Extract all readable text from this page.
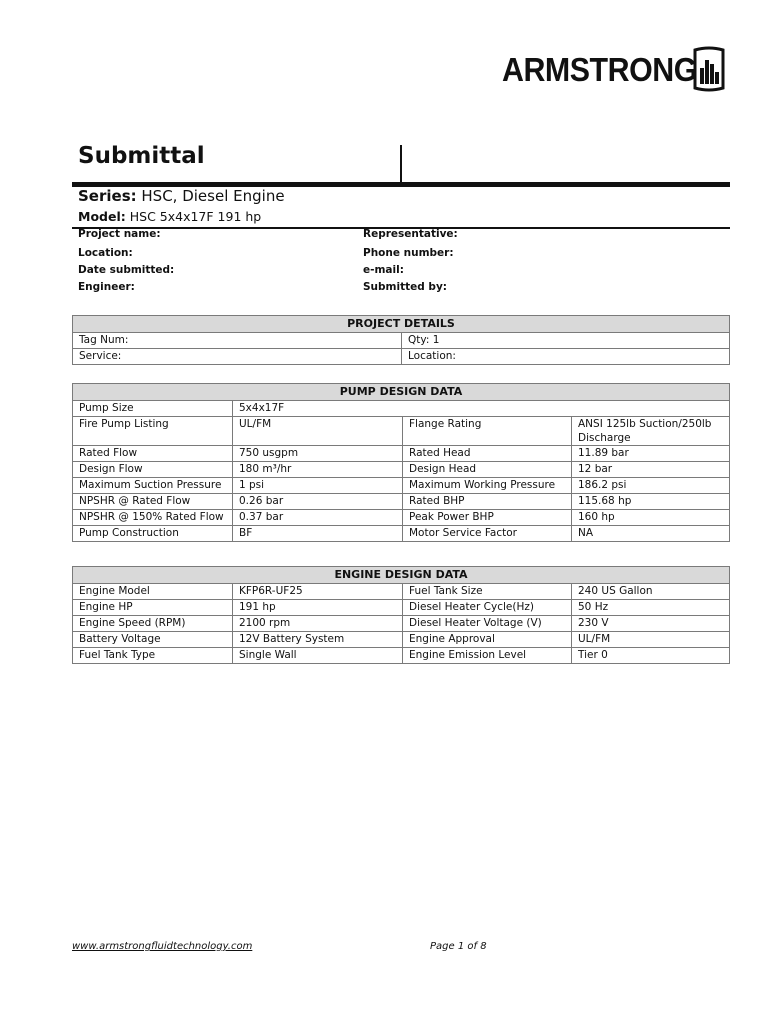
ARMSTRONG
Submittal
Series: HSC, Diesel Engine
Model: HSC 5x4x17F 191 hp
Project name:	Representative:
Location:	Phone number:
Date submitted:	e-mail:
Engineer:	Submitted by:
PROJECT DETAILS	
Tag Num:	Qty: 1
Service:	Location:
PUMP DESIGN DATA			
Pump Size	5x4x17F		
Fire Pump Listing	UL/FM	Flange Rating	ANSI 125lb Suction/250lb Discharge
Rated Flow	750 usgpm	Rated Head	11.89 bar
Design Flow	180 m³/hr	Design Head	12 bar
Maximum Suction Pressure	1 psi	Maximum Working Pressure	186.2 psi
NPSHR @ Rated Flow	0.26 bar	Rated BHP	115.68 hp
NPSHR @ 150% Rated Flow	0.37 bar	Peak Power BHP	160 hp
Pump Construction	BF	Motor Service Factor	NA
ENGINE DESIGN DATA			
Engine Model	KFP6R-UF25	Fuel Tank Size	240 US Gallon
Engine HP	191 hp	Diesel Heater Cycle(Hz)	50 Hz
Engine Speed (RPM)	2100 rpm	Diesel Heater Voltage (V)	230 V
Battery Voltage	12V Battery System	Engine Approval	UL/FM
Fuel Tank Type	Single Wall	Engine Emission Level	Tier 0
www.armstrongfluidtechnology.com	Page 1 of 8
